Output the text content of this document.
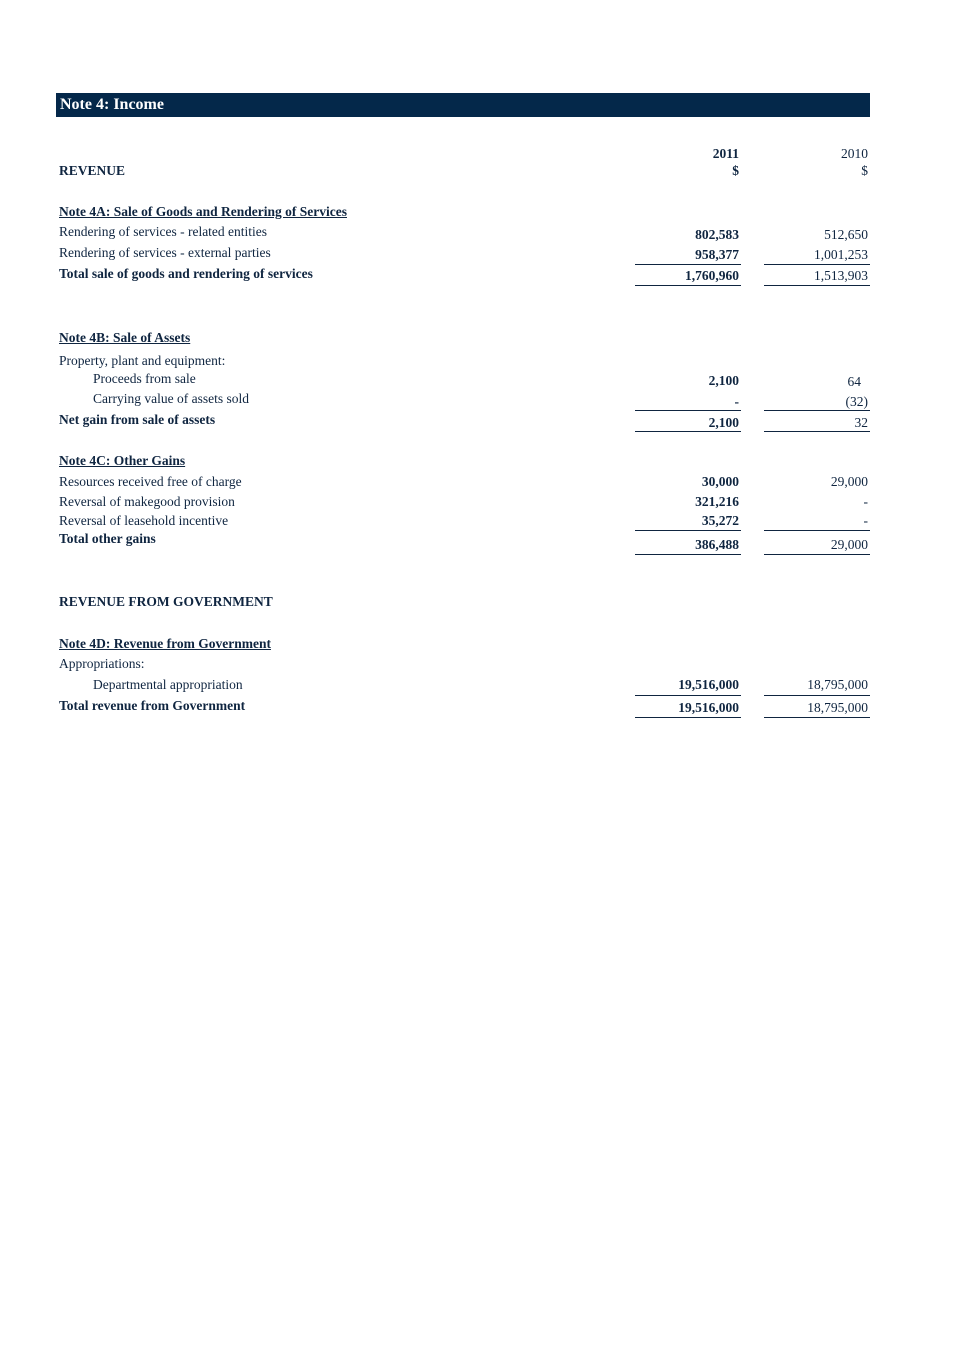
Note 4: Income
2011	2010
$	$
REVENUE
Note 4A: Sale of Goods and Rendering of Services
Rendering of services - related entities	802,583	512,650
Rendering of services - external parties	958,377	1,001,253
Total sale of goods and rendering of services	1,760,960	1,513,903
Note 4B: Sale of Assets
Property, plant and equipment:
Proceeds from sale	2,100	64
Carrying value of assets sold	-	(32)
Net gain from sale of assets	2,100	32
Note 4C: Other Gains
Resources received free of charge	30,000	29,000
Reversal of makegood provision	321,216	-
Reversal of leasehold incentive	35,272	-
Total other gains	386,488	29,000
REVENUE FROM GOVERNMENT
Note 4D: Revenue from Government
Appropriations:
Departmental appropriation	19,516,000	18,795,000
Total revenue from Government	19,516,000	18,795,000
